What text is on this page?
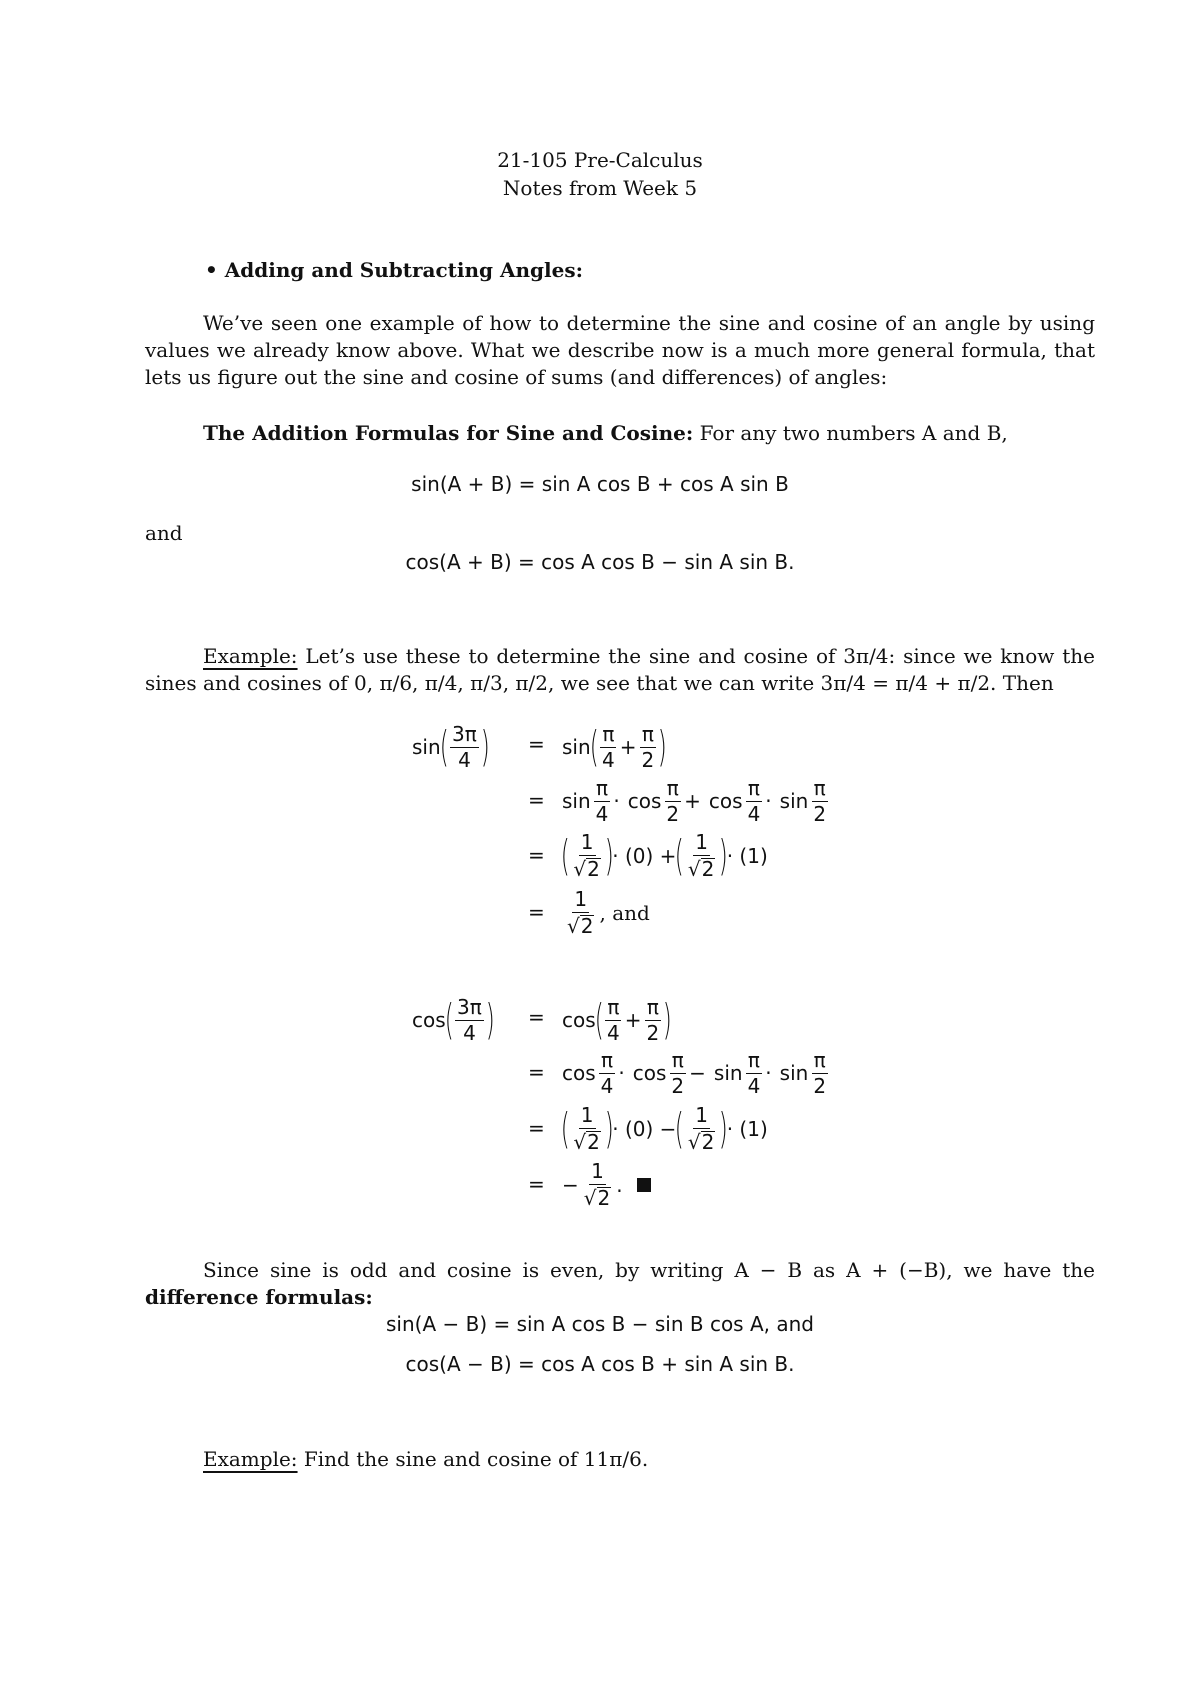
21-105 Pre-Calculus
Notes from Week 5
• Adding and Subtracting Angles:
We’ve seen one example of how to determine the sine and cosine of an angle by using values we already know above. What we describe now is a much more general formula, that lets us figure out the sine and cosine of sums (and differences) of angles:
The Addition Formulas for Sine and Cosine: For any two numbers A and B,
sin(A + B) = sin A cos B + cos A sin B
and
cos(A + B) = cos A cos B − sin A sin B.
Example: Let’s use these to determine the sine and cosine of 3π/4: since we know the sines and cosines of 0, π/6, π/4, π/3, π/2, we see that we can write 3π/4 = π/4 + π/2. Then
sin
( $\frac{3\pi}{4}$ ) = sin
( $\frac{\pi}{4} + \frac{\pi}{2}$ )
= $\sin \frac{\pi}{4} \cdot \cos \frac{\pi}{2} + \cos \frac{\pi}{4} \cdot \sin \frac{\pi}{2}$
= ( $\frac{1}{√ 2}$ )
· (0) +
( $\frac{1}{√ 2}$ )
· (1)
= $\frac{1}{√ 2}$ , and
cos
( $\frac{3\pi}{4}$ ) = cos
( $\frac{\pi}{4} + \frac{\pi}{2}$ )
= $\cos \frac{\pi}{4} \cdot \cos \frac{\pi}{2} - \sin \frac{\pi}{4} \cdot \sin \frac{\pi}{2}$
= ( $\frac{1}{√ 2}$ )
· (0) −
( $\frac{1}{√ 2}$ )
· (1)
= − $\frac{1}{√ 2}$ .
Since sine is odd and cosine is even, by writing A − B as A + (−B), we have the difference formulas:
sin(A − B) = sin A cos B − sin B cos A, and
cos(A − B) = cos A cos B + sin A sin B.
Example: Find the sine and cosine of 11π/6.
